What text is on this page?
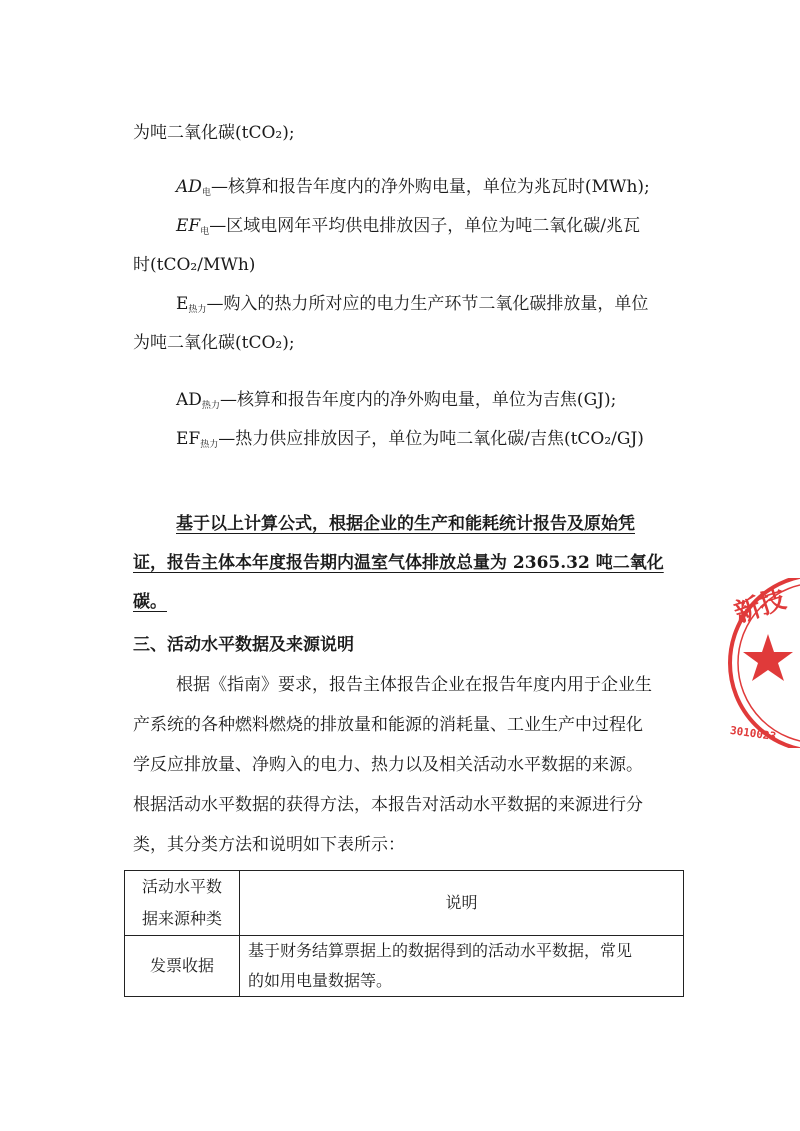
为吨二氧化碳(tCO₂);
AD电—核算和报告年度内的净外购电量，单位为兆瓦时(MWh);
EF电—区域电网年平均供电排放因子，单位为吨二氧化碳/兆瓦
时(tCO₂/MWh)
E热力—购入的热力所对应的电力生产环节二氧化碳排放量，单位
为吨二氧化碳(tCO₂);
AD热力—核算和报告年度内的净外购电量，单位为吉焦(GJ);
EF热力—热力供应排放因子，单位为吨二氧化碳/吉焦(tCO₂/GJ)
基于以上计算公式，根据企业的生产和能耗统计报告及原始凭
证，报告主体本年度报告期内温室气体排放总量为 2365.32 吨二氧化
碳。
三、活动水平数据及来源说明
根据《指南》要求，报告主体报告企业在报告年度内用于企业生
产系统的各种燃料燃烧的排放量和能源的消耗量、工业生产中过程化
学反应排放量、净购入的电力、热力以及相关活动水平数据的来源。
根据活动水平数据的获得方法，本报告对活动水平数据的来源进行分
类，其分类方法和说明如下表所示：
活动水平数
据来源种类	说明
发票收据	基于财务结算票据上的数据得到的活动水平数据，常见
的如用电量数据等。
新技
3010023
